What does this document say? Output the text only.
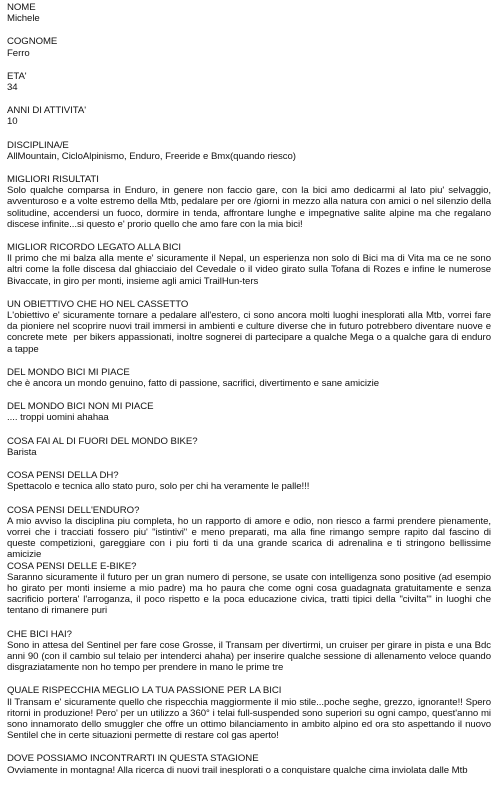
NOME
Michele
COGNOME
Ferro
ETA'
34
ANNI DI ATTIVITA'
10
DISCIPLINA/E
AllMountain, CicloAlpinismo, Enduro, Freeride e Bmx(quando riesco)
MIGLIORI RISULTATI
Solo qualche comparsa in Enduro, in genere non faccio gare, con la bici amo dedicarmi al lato piu' selvaggio, avventuroso e a volte estremo della Mtb, pedalare per ore /giorni in mezzo alla natura con amici o nel silenzio della solitudine, accendersi un fuoco, dormire in tenda, affrontare lunghe e impegnative salite alpine ma che regalano discese infinite...si questo e' prorio quello che amo fare con la mia bici!
MIGLIOR RICORDO LEGATO ALLA BICI
Il primo che mi balza alla mente e' sicuramente il Nepal, un esperienza non solo di Bici ma di Vita ma ce ne sono altri come la folle discesa dal ghiacciaio del Cevedale o il video girato sulla Tofana di Rozes e infine le numerose Bivaccate, in giro per monti, insieme agli amici TrailHun-ters
UN OBIETTIVO CHE HO NEL CASSETTO
L'obiettivo e' sicuramente tornare a pedalare all'estero, ci sono ancora molti luoghi inesplorati alla Mtb, vorrei fare da pioniere nel scoprire nuovi trail immersi in ambienti e culture diverse che in futuro potrebbero diventare nuove e concrete mete  per bikers appassionati, inoltre sognerei di partecipare a qualche Mega o a qualche gara di enduro a tappe
DEL MONDO BICI MI PIACE
che è ancora un mondo genuino, fatto di passione, sacrifici, divertimento e sane amicizie
DEL MONDO BICI NON MI PIACE
.... troppi uomini ahahaa
COSA FAI AL DI FUORI DEL MONDO BIKE?
Barista
COSA PENSI DELLA DH?
Spettacolo e tecnica allo stato puro, solo per chi ha veramente le palle!!!
COSA PENSI DELL'ENDURO?
A mio avviso la disciplina piu completa, ho un rapporto di amore e odio, non riesco a farmi prendere pienamente, vorrei che i tracciati fossero piu' "istintivi" e meno preparati, ma alla fine rimango sempre rapito dal fascino di queste competizioni, gareggiare con i piu forti ti da una grande scarica di adrenalina e ti stringono bellissime amicizie
COSA PENSI DELLE E-BIKE?
Saranno sicuramente il futuro per un gran numero di persone, se usate con intelligenza sono positive (ad esempio ho girato per monti insieme a mio padre) ma ho paura che come ogni cosa guadagnata gratuitamente e senza sacrificio portera' l'arroganza, il poco rispetto e la poca educazione civica, tratti tipici della "civilta'" in luoghi che tentano di rimanere puri
CHE BICI HAI?
Sono in attesa del Sentinel per fare cose Grosse, il Transam per divertirmi, un cruiser per girare in pista e una Bdc anni 90 (con il cambio sul telaio per intenderci ahaha) per inserire qualche sessione di allenamento veloce quando disgraziatamente non ho tempo per prendere in mano le prime tre
QUALE RISPECCHIA MEGLIO LA TUA PASSIONE PER LA BICI
Il Transam e' sicuramente quello che rispecchia maggiormente il mio stile...poche seghe, grezzo, ignorante!! Spero ritorni in produzione! Pero' per un utilizzo a 360° i telai full-suspended sono superiori su ogni campo, quest'anno mi sono innamorato dello smuggler che offre un ottimo bilanciamento in ambito alpino ed ora sto aspettando il nuovo Sentilel che in certe situazioni permette di restare col gas aperto!
DOVE POSSIAMO INCONTRARTI IN QUESTA STAGIONE
Ovviamente in montagna! Alla ricerca di nuovi trail inesplorati o a conquistare qualche cima inviolata dalle Mtb
